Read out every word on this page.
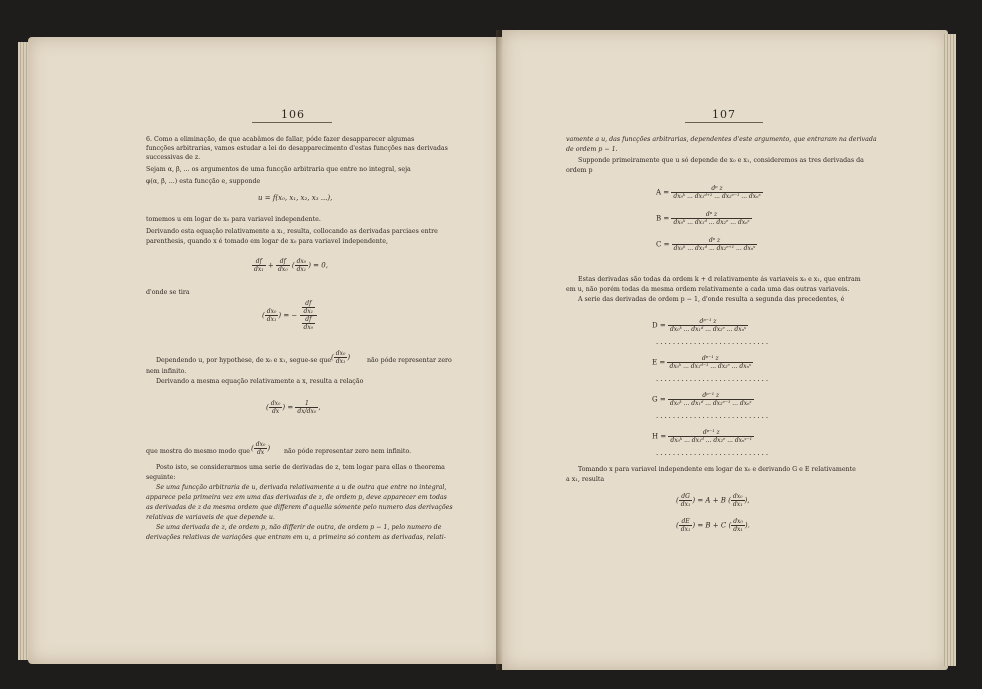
106
6. Como a eliminação, de que acabâmos de fallar, póde fazer desapparecer algumas
funcções arbitrarias, vamos estudar a lei do desapparecimento d'estas funcções nas derivadas
successivas de z.
Sejam α, β, ... os argumentos de uma funcção arbitraria que entre no integral, seja
φ(α, β, ...) esta funcção e, supponde
u = f(x₀, x₁, x₂, x₃ ...),
tomemos u em logar de x₀ para variavel independente.
Derivando esta equação relativamente a x₁, resulta, collocando as derivadas parciaes entre
parenthesis, quando x é tomado em logar de x₀ para variavel independente,
$\frac{df}{\text{dx₁}} + \frac{df}{\text{dx₀}}$ ( $\frac{\text{dx₀}}{\text{dx₁}}$ ) = 0,
d'onde se tira
( $\frac{\text{dx₀}}{\text{dx₁}}$ ) = − $\frac{\frac{df}{\text{dx₁}}}{\frac{df}{\text{dx₀}}}$
Dependendo u, por hypothese, de x₀ e x₁, segue-se que ( $\frac{\text{dx₀}}{\text{dx₁}}$ )	não póde representar zero
nem infinito.
Derivando a mesma equação relativamente a x, resulta a relação
( $\frac{\text{dx₀}}{dx}$ ) = $\frac{1}{\text{dx/dx₀}}$ ,
que mostra do mesmo modo que ( $\frac{\text{dx₀}}{dx}$ ) não póde representar zero nem infinito.
Posto isto, se considerarmos uma serie de derivadas de z, tem logar para ellas o theorema
seguinte:
Se uma funcção arbitraria de u, derivada relativamente a u de outra que entre no integral,
apparece pela primeira vez em uma das derivadas de z, de ordem p, deve apparecer em todas
as derivadas de z da mesma ordem que differem d'aquella sómente pelo numero das derivações
relativas de variaveis de que depende u.
Se uma derivada de z, de ordem p, não differir de outra, de ordem p − 1, pelo numero de
derivações relativas de variações que entram em u, a primeira só contem as derivadas, relati-
107
vamente a u, das funcções arbitrarias, dependentes d'este argumento, que entraram na derivada
de ordem p − 1.
Supponde primeiramente que u só depende de x₀ e x₁, consideremos as tres derivadas da
ordem p
$A = \frac{\text{dᵖ z}}{\text{dx₀ᵏ ... dx₁ᵈ⁺¹ ... dx₂ᵉ⁻¹ ... dxₙˢ}}$
$B = \frac{\text{dᵖ z}}{\text{dx₀ᵏ ... dx₁ᵈ ... dx₂ᵉ ... dxₙˢ}}$
$C = \frac{\text{dᵖ z}}{\text{dx₀ᵏ ... dx₁ᵈ ... dx₂ᵉ⁺¹ ... dxₙˢ}}$
Estas derivadas são todas da ordem k + d relativamente ás variaveis x₀ e x₁, que entram
em u, não porém todas da mesma ordem relativamente a cada uma das outras variaveis.
A serie das derivadas de ordem p − 1, d'onde resulta a segunda das precedentes, é
$D = \frac{\text{dᵖ⁻¹ z}}{\text{dx₀ᵏ ... dx₁ᵈ ... dx₂ᵉ ... dxₙˢ}}$
...........................
$E = \frac{\text{dᵖ⁻¹ z}}{\text{dx₀ᵏ ... dx₁ᵈ⁻¹ ... dx₂ᵉ ... dxₙˢ}}$
...........................
$G = \frac{\text{dᵖ⁻¹ z}}{\text{dx₀ᵏ ... dx₁ᵈ ... dx₂ᵉ⁻¹ ... dxₙˢ}}$
...........................
$H = \frac{\text{dᵖ⁻¹ z}}{\text{dx₀ᵏ ... dx₁ᵈ ... dx₂ᵉ ... dxₙˢ⁻¹}}$
...........................
Tomando x para variavel independente em logar de x₀ e derivando G e E relativamente
a x₁, resulta
( $\frac{dG}{\text{dx₁}}$ ) = A + B ( $\frac{\text{dx₀}}{\text{dx₁}}$ ),
( $\frac{dE}{\text{dx₁}}$ ) = B + C ( $\frac{\text{dx₀}}{\text{dx₁}}$ ).
